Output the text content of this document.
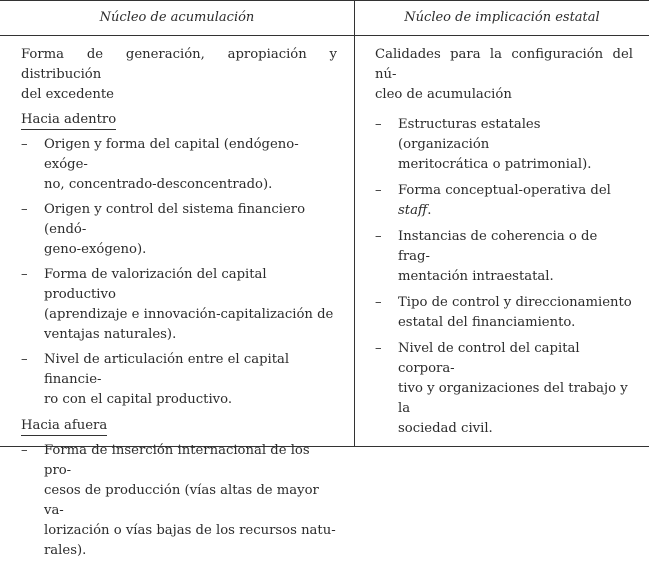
Núcleo de acumulación	Núcleo de implicación estatal
Forma de generación, apropiación y distribución
del excedente
Hacia adentro
– Origen y forma del capital (endógeno-exóge-
no, concentrado-desconcentrado).
– Origen y control del sistema financiero (endó-
geno-exógeno).
– Forma de valorización del capital productivo
(aprendizaje e innovación-capitalización de
ventajas naturales).
– Nivel de articulación entre el capital financie-
ro con el capital productivo.
Hacia afuera
– Forma de inserción internacional de los pro-
cesos de producción (vías altas de mayor va-
lorización o vías bajas de los recursos natu-
rales).
Calidades para la configuración del nú-
cleo de acumulación
– Estructuras estatales (organización
meritocrática o patrimonial).
– Forma conceptual-operativa del staff.
– Instancias de coherencia o de frag-
mentación intraestatal.
– Tipo de control y direccionamiento
estatal del financiamiento.
– Nivel de control del capital corpora-
tivo y organizaciones del trabajo y la
sociedad civil.
